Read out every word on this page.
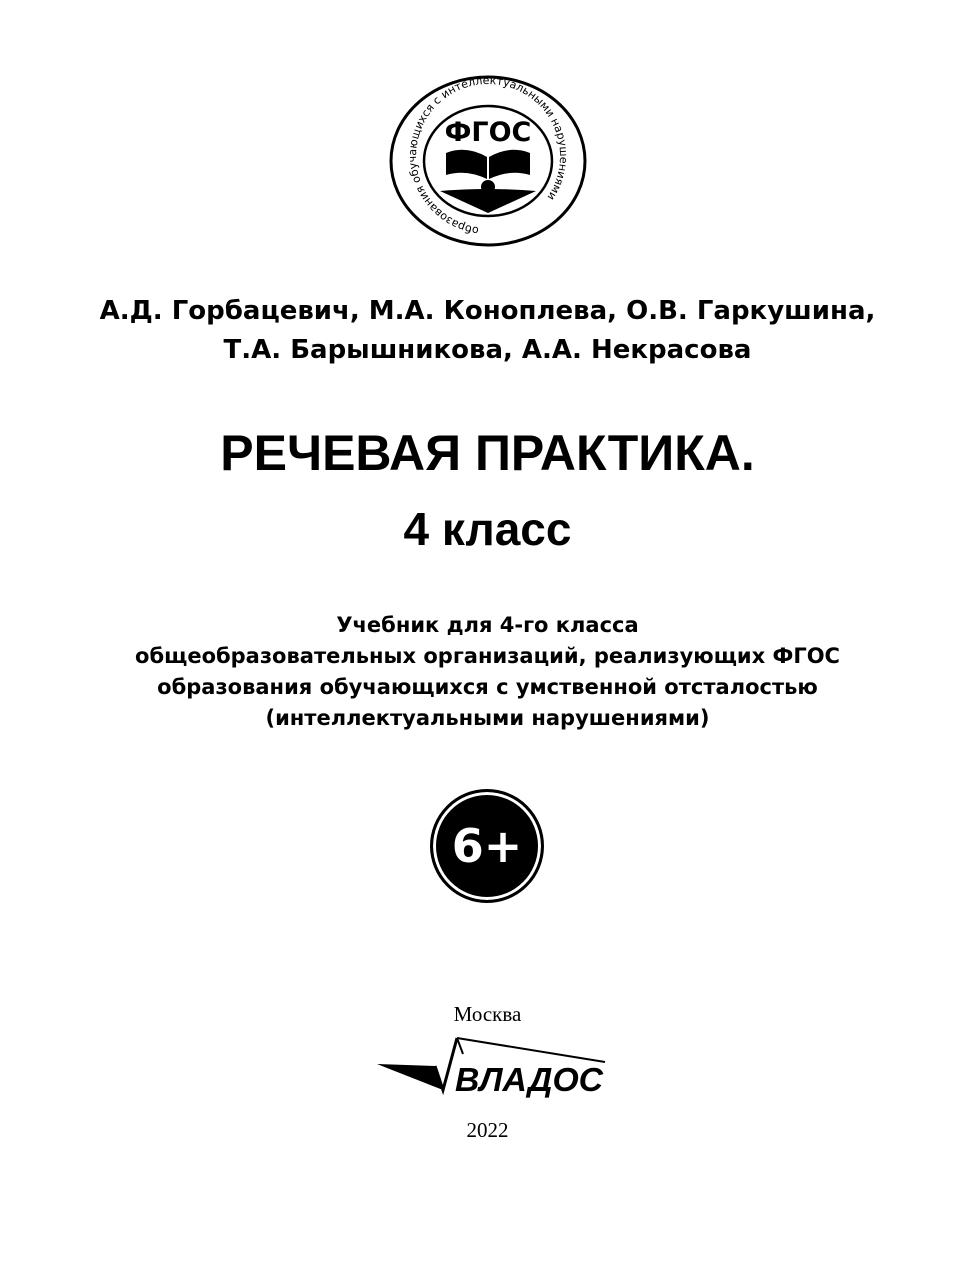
образования обучающихся с интеллектуальными нарушениями
ФГОС
А.Д. Горбацевич, М.А. Коноплева, О.В. Гаркушина,
Т.А. Барышникова, А.А. Некрасова
РЕЧЕВАЯ ПРАКТИКА.
4 класс
Учебник для 4-го класса
общеобразовательных организаций, реализующих ФГОС
образования обучающихся с умственной отсталостью
(интеллектуальными нарушениями)
6+
Москва
ВЛАДОС
2022
